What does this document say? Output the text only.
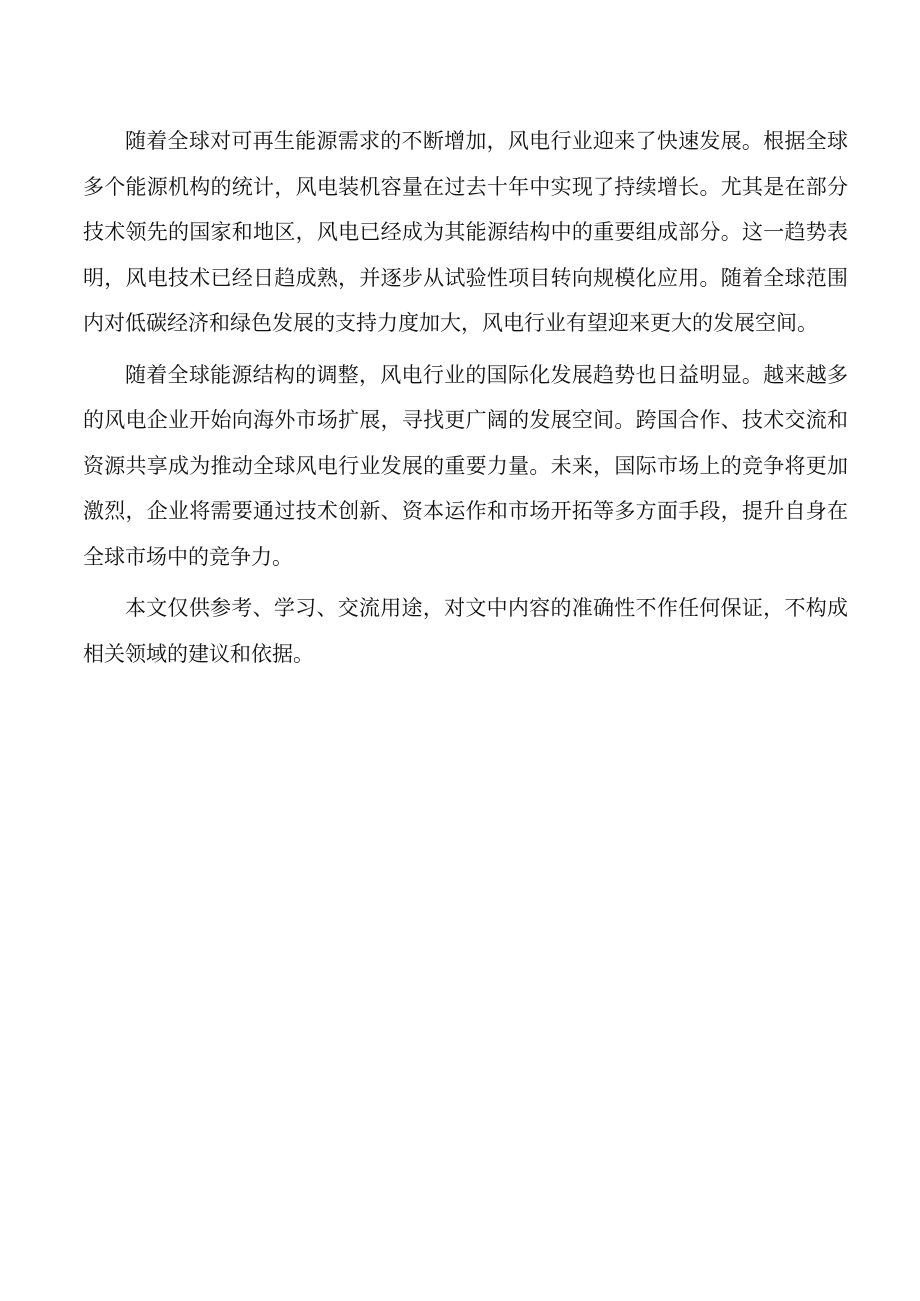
随着全球对可再生能源需求的不断增加，风电行业迎来了快速发展。根据全球多个能源机构的统计，风电装机容量在过去十年中实现了持续增长。尤其是在部分技术领先的国家和地区，风电已经成为其能源结构中的重要组成部分。这一趋势表明，风电技术已经日趋成熟，并逐步从试验性项目转向规模化应用。随着全球范围内对低碳经济和绿色发展的支持力度加大，风电行业有望迎来更大的发展空间。

随着全球能源结构的调整，风电行业的国际化发展趋势也日益明显。越来越多的风电企业开始向海外市场扩展，寻找更广阔的发展空间。跨国合作、技术交流和资源共享成为推动全球风电行业发展的重要力量。未来，国际市场上的竞争将更加激烈，企业将需要通过技术创新、资本运作和市场开拓等多方面手段，提升自身在全球市场中的竞争力。

本文仅供参考、学习、交流用途，对文中内容的准确性不作任何保证，不构成相关领域的建议和依据。
